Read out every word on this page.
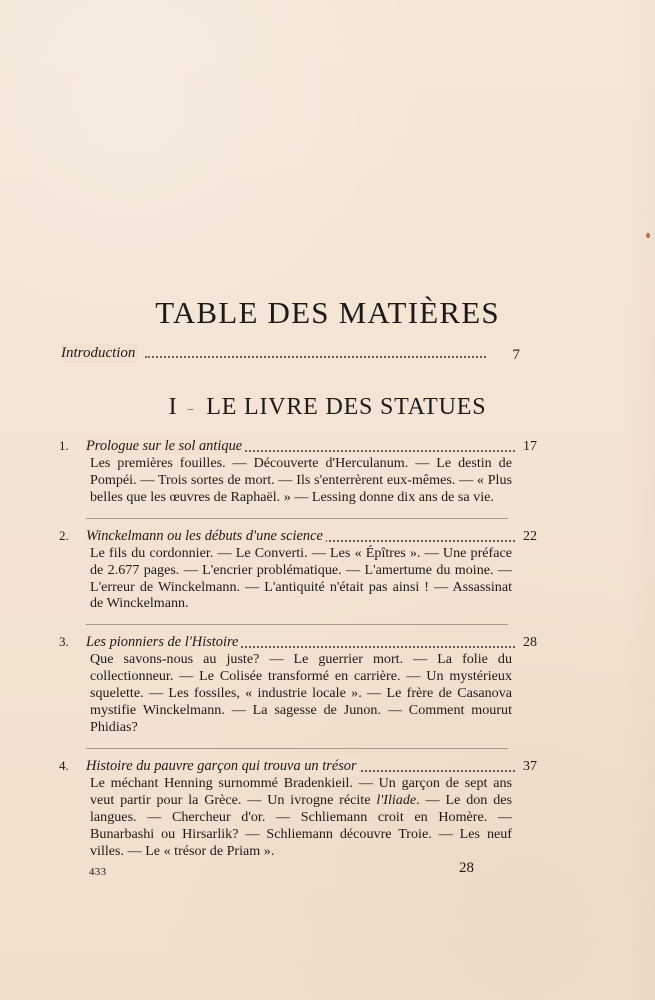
TABLE DES MATIÈRES
Introduction	7
I – LE LIVRE DES STATUES
1.	Prologue sur le sol antique	17
Les premières fouilles. — Découverte d'Herculanum. — Le destin de Pompéi. — Trois sortes de mort. — Ils s'enterrèrent eux-mêmes. — « Plus belles que les œuvres de Raphaël. » — Lessing donne dix ans de sa vie.
2.	Winckelmann ou les débuts d'une science	22
Le fils du cordonnier. — Le Converti. — Les « Épîtres ». — Une préface de 2.677 pages. — L'encrier problématique. — L'amertume du moine. — L'erreur de Winckelmann. — L'antiquité n'était pas ainsi ! — Assassinat de Winckelmann.
3.	Les pionniers de l'Histoire	28
Que savons-nous au juste? — Le guerrier mort. — La folie du collectionneur. — Le Colisée transformé en carrière. — Un mystérieux squelette. — Les fossiles, « industrie locale ». — Le frère de Casanova mystifie Winckelmann. — La sagesse de Junon. — Comment mourut Phidias?
4.	Histoire du pauvre garçon qui trouva un trésor	37
Le méchant Henning surnommé Bradenkieil. — Un garçon de sept ans veut partir pour la Grèce. — Un ivrogne récite l'Iliade. — Le don des langues. — Chercheur d'or. — Schliemann croit en Homère. — Bunarbashi ou Hirsarlik? — Schliemann découvre Troie. — Les neuf villes. — Le « trésor de Priam ».
433	28
